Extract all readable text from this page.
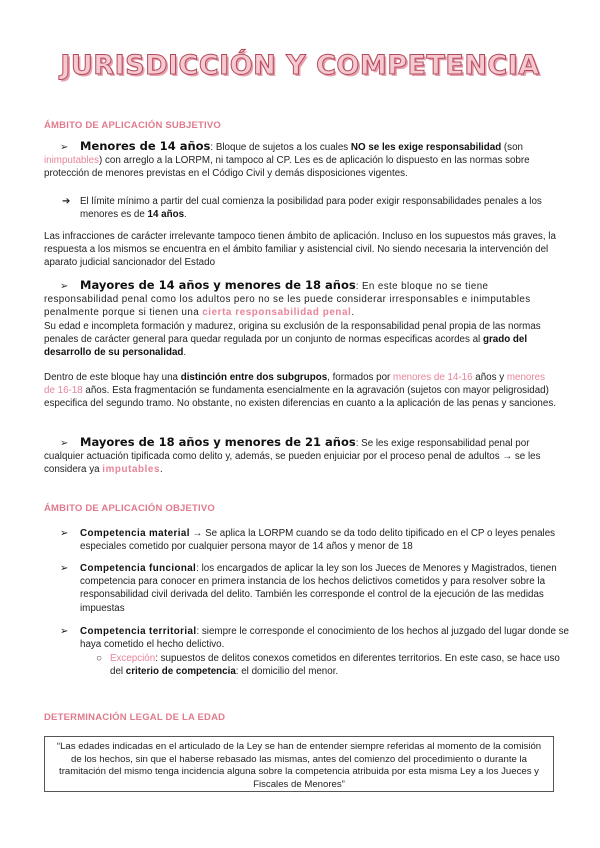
JURISDICCIÓN Y COMPETENCIA
ÁMBITO DE APLICACIÓN SUBJETIVO
➢ Menores de 14 años: Bloque de sujetos a los cuales NO se les exige responsabilidad (son inimputables) con arreglo a la LORPM, ni tampoco al CP. Les es de aplicación lo dispuesto en las normas sobre protección de menores previstas en el Código Civil y demás disposiciones vigentes.
➔ El límite mínimo a partir del cual comienza la posibilidad para poder exigir responsabilidades penales a los menores es de 14 años.
Las infracciones de carácter irrelevante tampoco tienen ámbito de aplicación. Incluso en los supuestos más graves, la respuesta a los mismos se encuentra en el ámbito familiar y asistencial civil. No siendo necesaria la intervención del aparato judicial sancionador del Estado
➢ Mayores de 14 años y menores de 18 años: En este bloque no se tiene responsabilidad penal como los adultos pero no se les puede considerar irresponsables e inimputables penalmente porque si tienen una cierta responsabilidad penal.
Su edad e incompleta formación y madurez, origina su exclusión de la responsabilidad penal propia de las normas penales de carácter general para quedar regulada por un conjunto de normas especificas acordes al grado del desarrollo de su personalidad.
Dentro de este bloque hay una distinción entre dos subgrupos, formados por menores de 14-16 años y menores de 16-18 años. Esta fragmentación se fundamenta esencialmente en la agravación (sujetos con mayor peligrosidad) especifica del segundo tramo. No obstante, no existen diferencias en cuanto a la aplicación de las penas y sanciones.
➢ Mayores de 18 años y menores de 21 años: Se les exige responsabilidad penal por cualquier actuación tipificada como delito y, además, se pueden enjuiciar por el proceso penal de adultos → se les considera ya imputables.
ÁMBITO DE APLICACIÓN OBJETIVO
➢ Competencia material → Se aplica la LORPM cuando se da todo delito tipificado en el CP o leyes penales especiales cometido por cualquier persona mayor de 14 años y menor de 18
➢ Competencia funcional: los encargados de aplicar la ley son los Jueces de Menores y Magistrados, tienen competencia para conocer en primera instancia de los hechos delictivos cometidos y para resolver sobre la responsabilidad civil derivada del delito. También les corresponde el control de la ejecución de las medidas impuestas
➢ Competencia territorial: siempre le corresponde el conocimiento de los hechos al juzgado del lugar donde se haya cometido el hecho delictivo.
○ Excepción: supuestos de delitos conexos cometidos en diferentes territorios. En este caso, se hace uso del criterio de competencia: el domicilio del menor.
DETERMINACIÓN LEGAL DE LA EDAD
“Las edades indicadas en el articulado de la Ley se han de entender siempre referidas al momento de la comisión de los hechos, sin que el haberse rebasado las mismas, antes del comienzo del procedimiento o durante la tramitación del mismo tenga incidencia alguna sobre la competencia atribuida por esta misma Ley a los Jueces y Fiscales de Menores”
